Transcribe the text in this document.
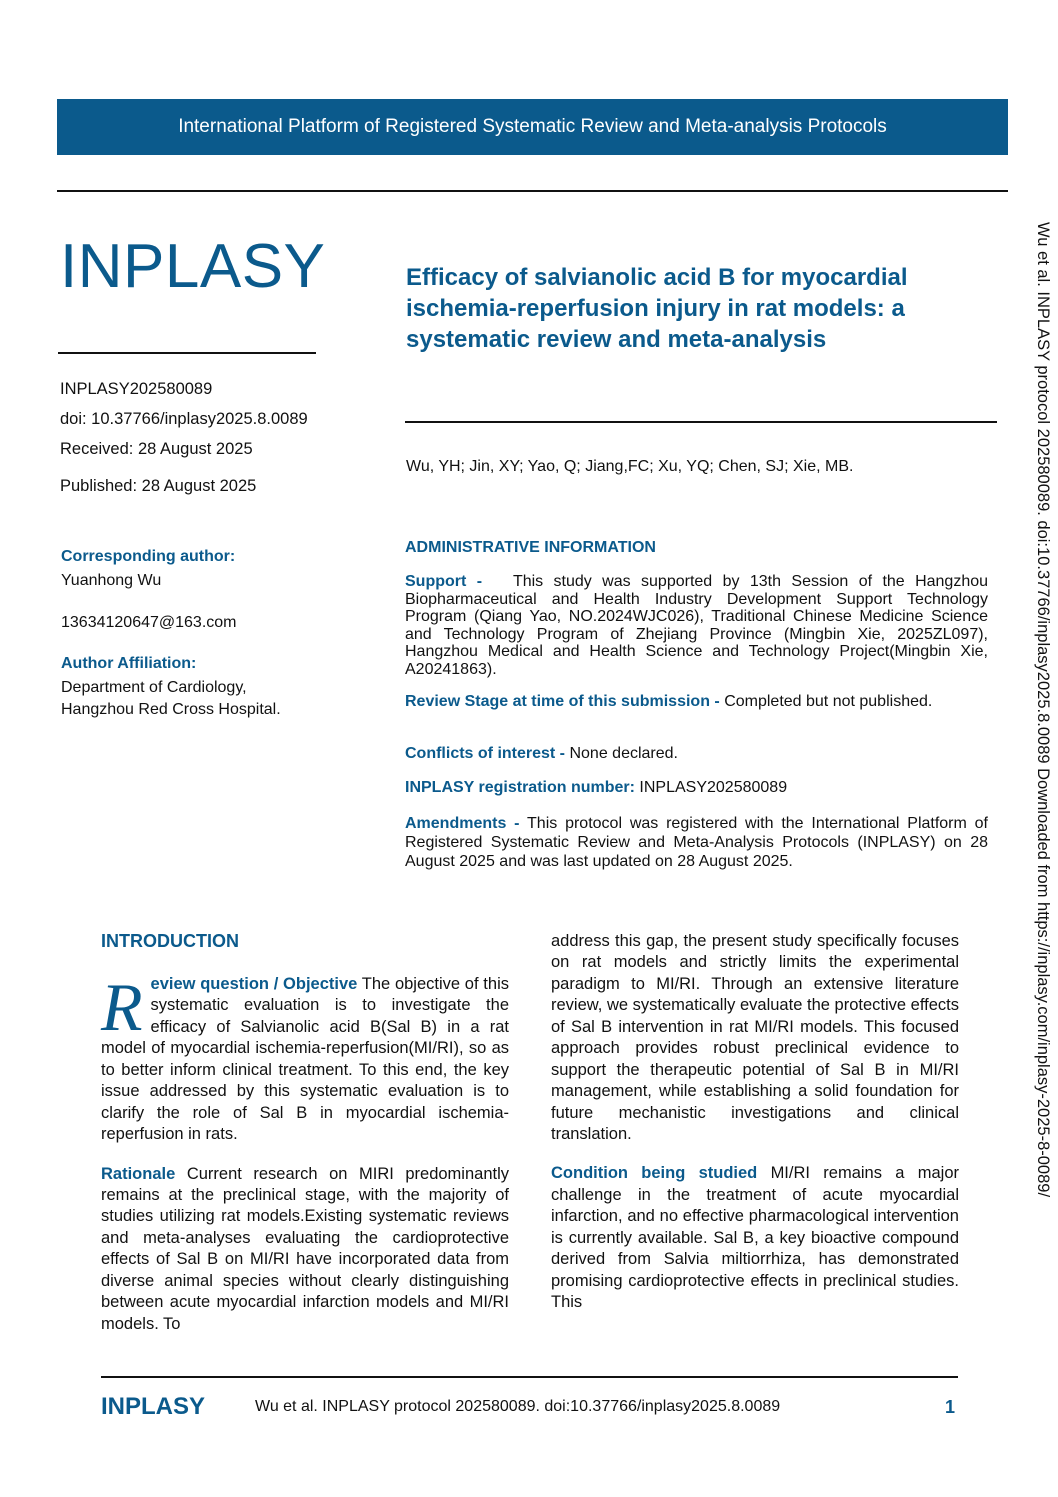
International Platform of Registered Systematic Review and Meta-analysis Protocols
INPLASY
INPLASY202580089
doi: 10.37766/inplasy2025.8.0089
Received: 28 August 2025
Published: 28 August 2025
Efficacy of salvianolic acid B for myocardial ischemia-reperfusion injury in rat models: a systematic review and meta-analysis
Wu, YH; Jin, XY; Yao, Q; Jiang,FC; Xu, YQ; Chen, SJ; Xie, MB.
Corresponding author:
Yuanhong Wu
13634120647@163.com
Author Affiliation:
Department of Cardiology,
Hangzhou Red Cross Hospital.
ADMINISTRATIVE INFORMATION
Support - This study was supported by 13th Session of the Hangzhou Biopharmaceutical and Health Industry Development Support Technology Program (Qiang Yao, NO.2024WJC026), Traditional Chinese Medicine Science and Technology Program of Zhejiang Province (Mingbin Xie, 2025ZL097), Hangzhou Medical and Health Science and Technology Project(Mingbin Xie, A20241863).
Review Stage at time of this submission - Completed but not published.
Conflicts of interest - None declared.
INPLASY registration number: INPLASY202580089
Amendments - This protocol was registered with the International Platform of Registered Systematic Review and Meta-Analysis Protocols (INPLASY) on 28 August 2025 and was last updated on 28 August 2025.
INTRODUCTION

R eview question / Objective The objective of this systematic evaluation is to investigate the efficacy of Salvianolic acid B(Sal B) in a rat model of myocardial ischemia-reperfusion(MI/RI), so as to better inform clinical treatment. To this end, the key issue addressed by this systematic evaluation is to clarify the role of Sal B in myocardial ischemia-reperfusion in rats.

Rationale Current research on MIRI predominantly remains at the preclinical stage, with the majority of studies utilizing rat models.Existing systematic reviews and meta-analyses evaluating the cardioprotective effects of Sal B on MI/RI have incorporated data from diverse animal species without clearly distinguishing between acute myocardial infarction models and MI/RI models. To

address this gap, the present study specifically focuses on rat models and strictly limits the experimental paradigm to MI/RI. Through an extensive literature review, we systematically evaluate the protective effects of Sal B intervention in rat MI/RI models. This focused approach provides robust preclinical evidence to support the therapeutic potential of Sal B in MI/RI management, while establishing a solid foundation for future mechanistic investigations and clinical translation.

Condition being studied MI/RI remains a major challenge in the treatment of acute myocardial infarction, and no effective pharmacological intervention is currently available. Sal B, a key bioactive compound derived from Salvia miltiorrhiza, has demonstrated promising cardioprotective effects in preclinical studies. This

Wu et al. INPLASY protocol 202580089. doi:10.37766/inplasy2025.8.0089 Downloaded from https://inplasy.com/inplasy-2025-8-0089/
INPLASY	Wu et al. INPLASY protocol 202580089. doi:10.37766/inplasy2025.8.0089	1
